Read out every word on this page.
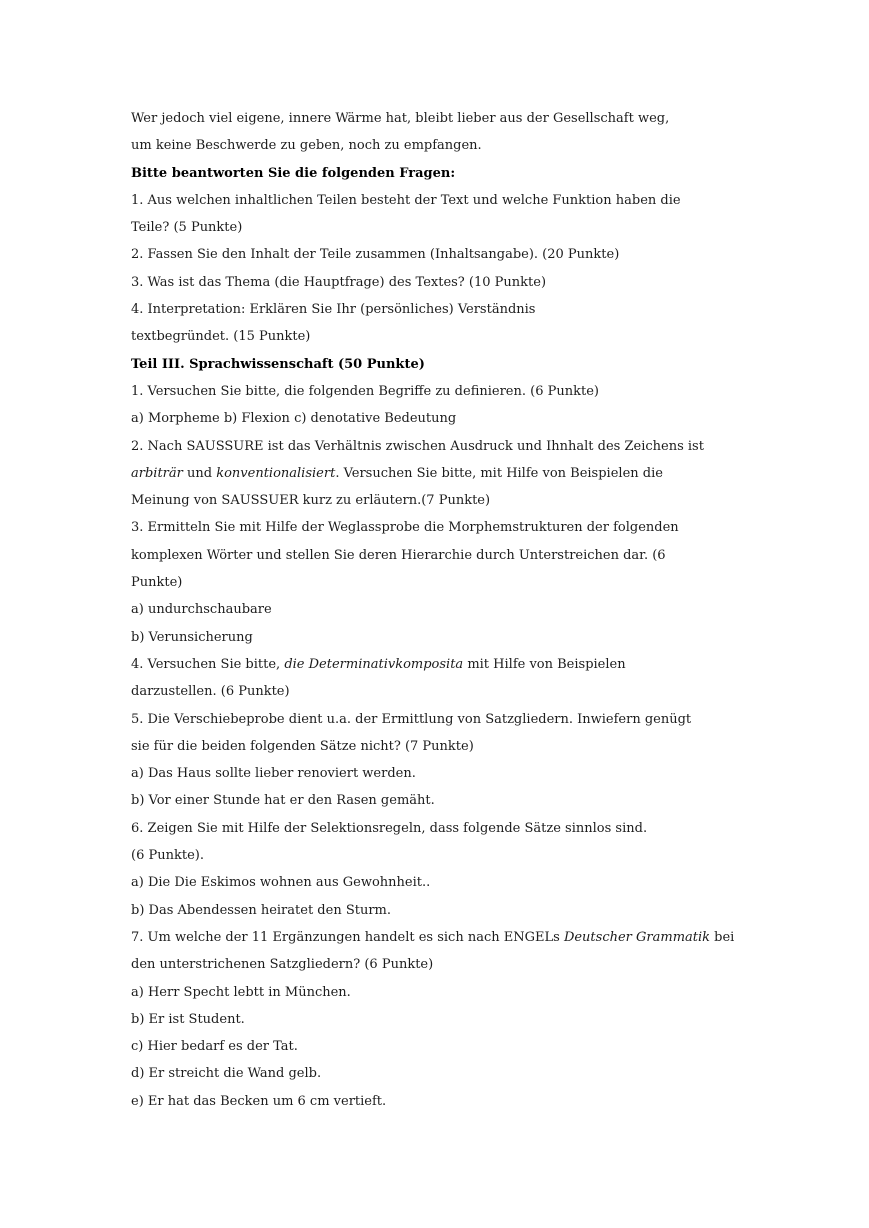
Wer jedoch viel eigene, innere Wärme hat, bleibt lieber aus der Gesellschaft weg,
um keine Beschwerde zu geben, noch zu empfangen.
Bitte beantworten Sie die folgenden Fragen:
1. Aus welchen inhaltlichen Teilen besteht der Text und welche Funktion haben die
Teile? (5 Punkte)
2. Fassen Sie den Inhalt der Teile zusammen (Inhaltsangabe). (20 Punkte)
3. Was ist das Thema (die Hauptfrage) des Textes? (10 Punkte)
4. Interpretation: Erklären Sie Ihr (persönliches) Verständnis
textbegründet. (15 Punkte)
Teil III. Sprachwissenschaft (50 Punkte)
1. Versuchen Sie bitte, die folgenden Begriffe zu definieren. (6 Punkte)
a) Morpheme b) Flexion c) denotative Bedeutung
2. Nach SAUSSURE ist das Verhältnis zwischen Ausdruck und Ihnhalt des Zeichens ist
arbiträr und konventionalisiert. Versuchen Sie bitte, mit Hilfe von Beispielen die
Meinung von SAUSSUER kurz zu erläutern.(7 Punkte)
3. Ermitteln Sie mit Hilfe der Weglassprobe die Morphemstrukturen der folgenden
komplexen Wörter und stellen Sie deren Hierarchie durch Unterstreichen dar. (6
Punkte)
a) undurchschaubare
b) Verunsicherung
4. Versuchen Sie bitte, die Determinativkomposita mit Hilfe von Beispielen
darzustellen. (6 Punkte)
5. Die Verschiebeprobe dient u.a. der Ermittlung von Satzgliedern. Inwiefern genügt
sie für die beiden folgenden Sätze nicht? (7 Punkte)
a) Das Haus sollte lieber renoviert werden.
b) Vor einer Stunde hat er den Rasen gemäht.
6. Zeigen Sie mit Hilfe der Selektionsregeln, dass folgende Sätze sinnlos sind.
(6 Punkte).
a) Die Die Eskimos wohnen aus Gewohnheit..
b) Das Abendessen heiratet den Sturm.
7. Um welche der 11 Ergänzungen handelt es sich nach ENGELs Deutscher Grammatik bei
den unterstrichenen Satzgliedern? (6 Punkte)
a) Herr Specht lebtt in München.
b) Er ist Student.
c) Hier bedarf es der Tat.
d) Er streicht die Wand gelb.
e) Er hat das Becken um 6 cm vertieft.
